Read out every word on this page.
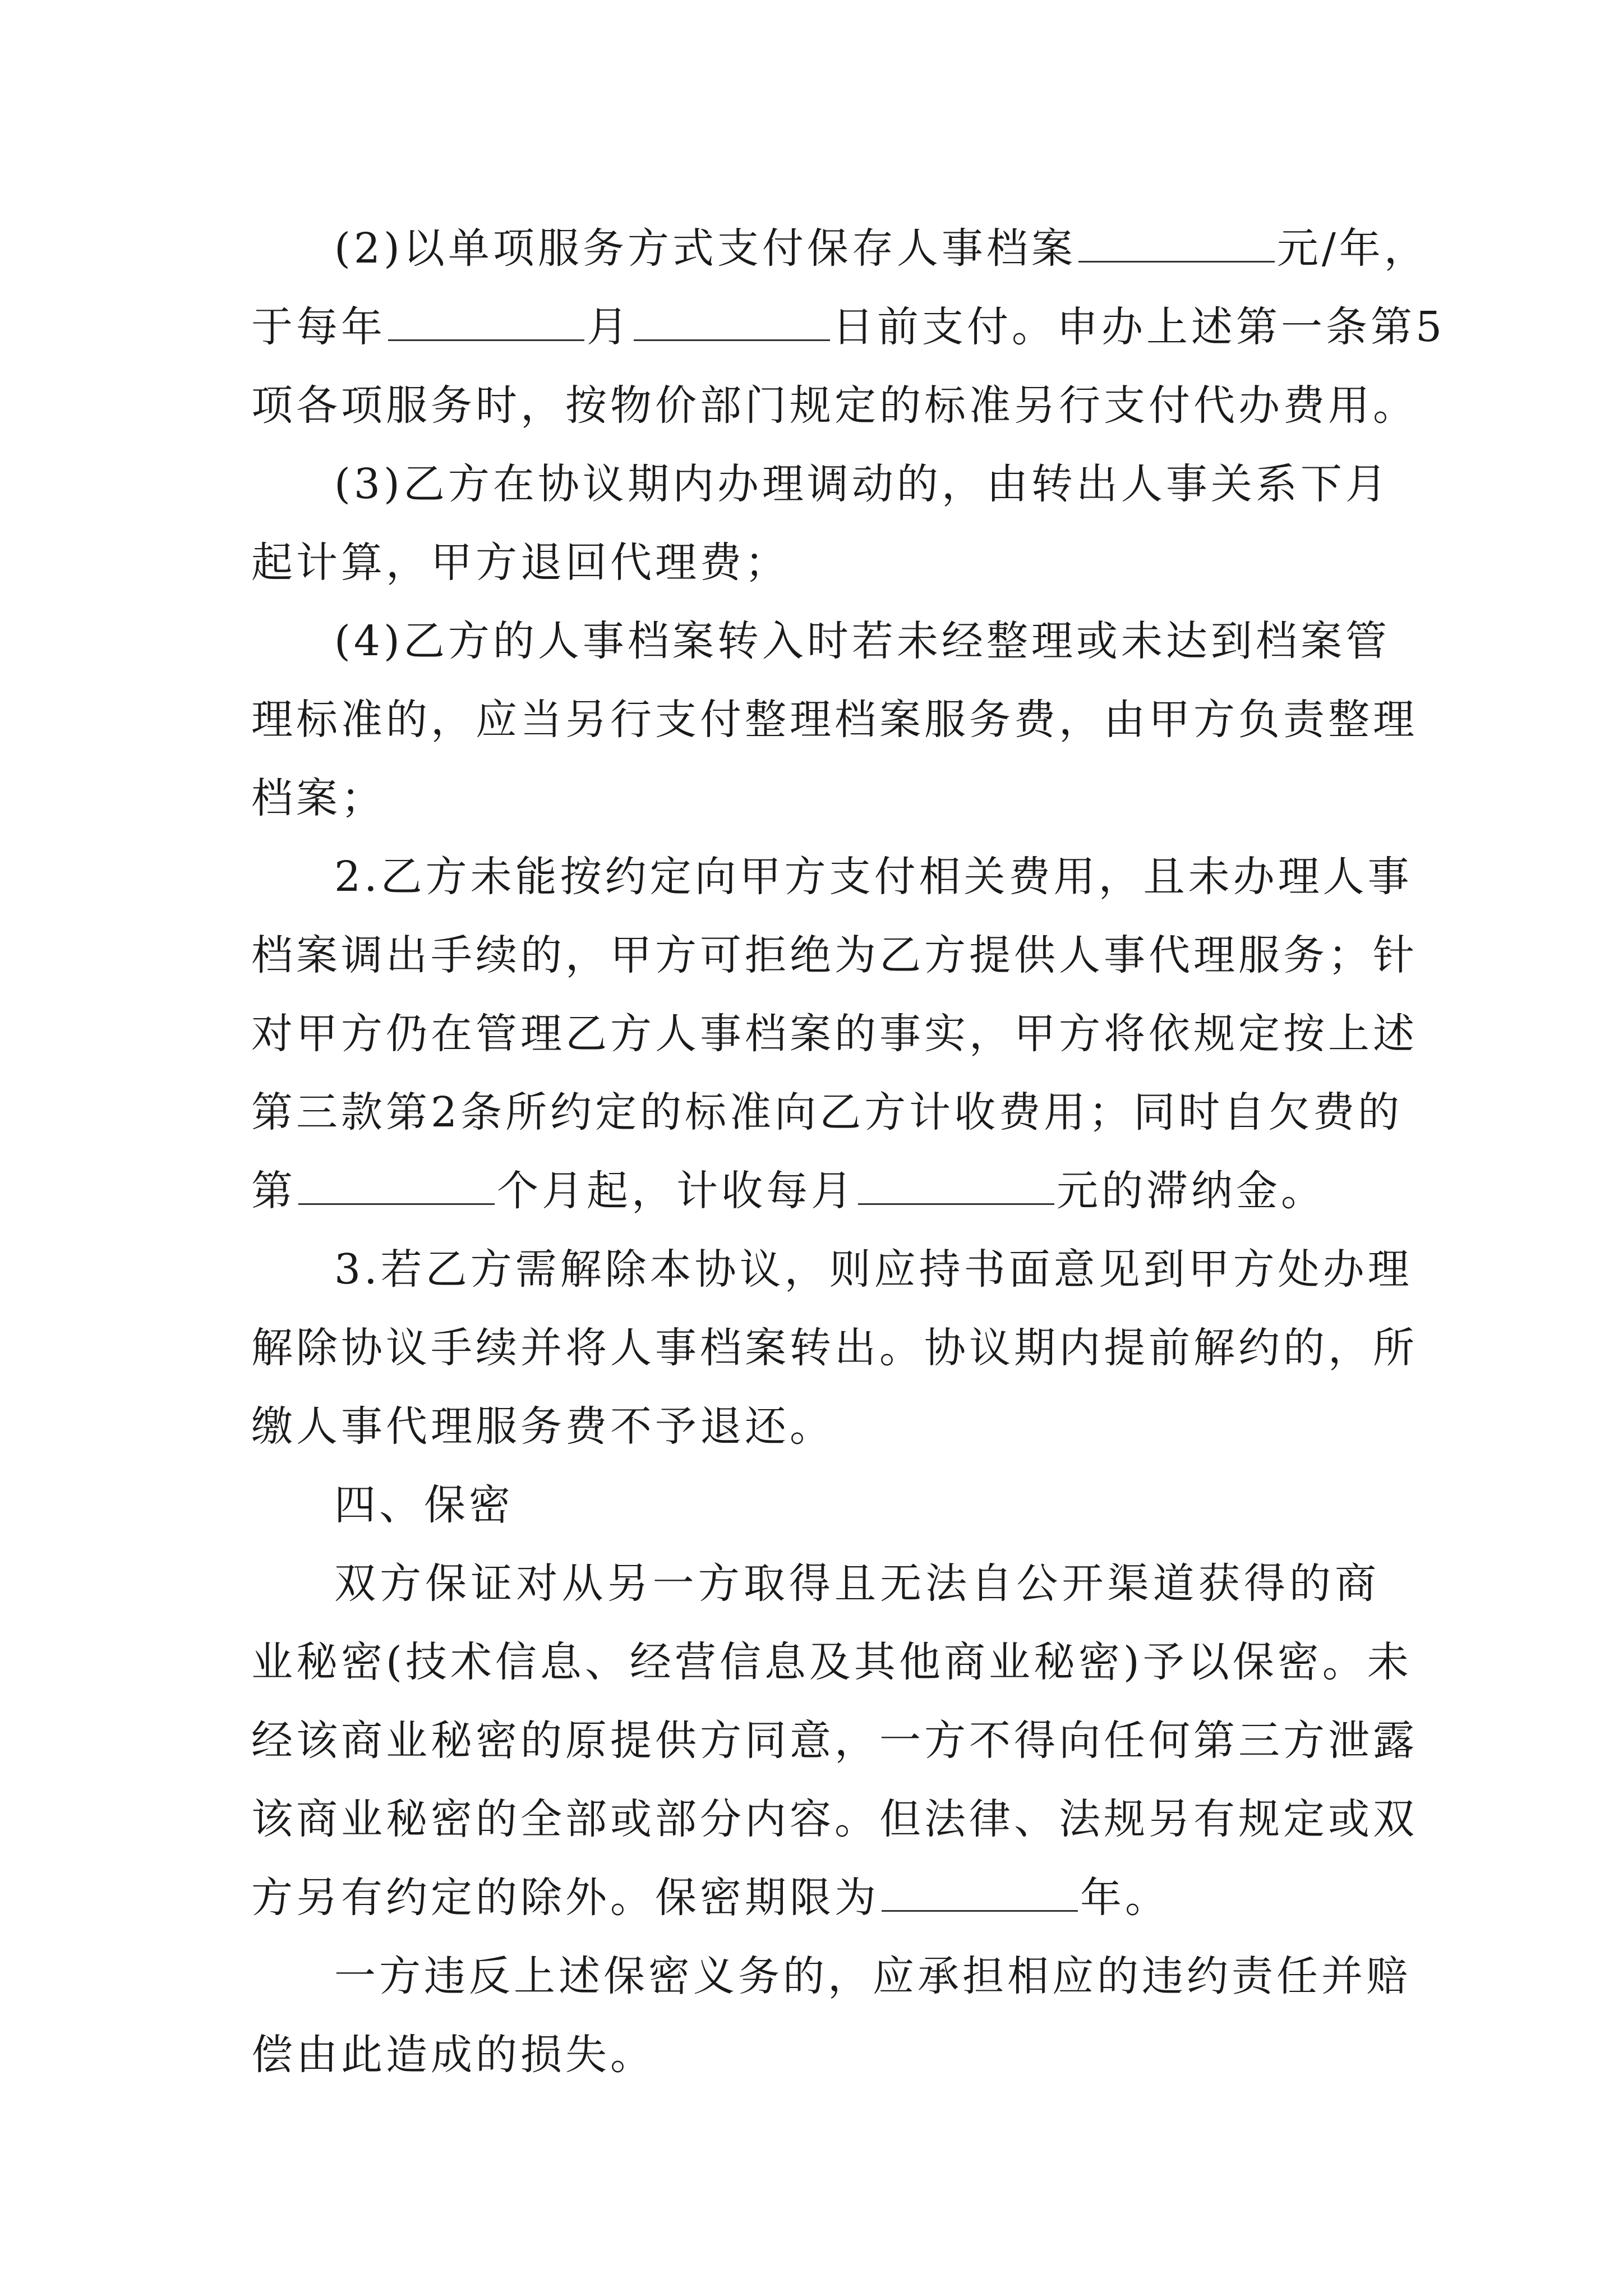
(2)以单项服务方式支付保存人事档案	元/年，
于每年	月	日前支付。申办上述第一条第5
项各项服务时，按物价部门规定的标准另行支付代办费用。
(3)乙方在协议期内办理调动的，由转出人事关系下月
起计算，甲方退回代理费；
(4)乙方的人事档案转入时若未经整理或未达到档案管
理标准的，应当另行支付整理档案服务费，由甲方负责整理
档案；
2.乙方未能按约定向甲方支付相关费用，且未办理人事
档案调出手续的，甲方可拒绝为乙方提供人事代理服务；针
对甲方仍在管理乙方人事档案的事实，甲方将依规定按上述
第三款第2条所约定的标准向乙方计收费用；同时自欠费的
第	个月起，计收每月	元的滞纳金。
3.若乙方需解除本协议，则应持书面意见到甲方处办理
解除协议手续并将人事档案转出。协议期内提前解约的，所
缴人事代理服务费不予退还。
四、保密
双方保证对从另一方取得且无法自公开渠道获得的商
业秘密(技术信息、经营信息及其他商业秘密)予以保密。未
经该商业秘密的原提供方同意，一方不得向任何第三方泄露
该商业秘密的全部或部分内容。但法律、法规另有规定或双
方另有约定的除外。保密期限为	年。
一方违反上述保密义务的，应承担相应的违约责任并赔
偿由此造成的损失。
